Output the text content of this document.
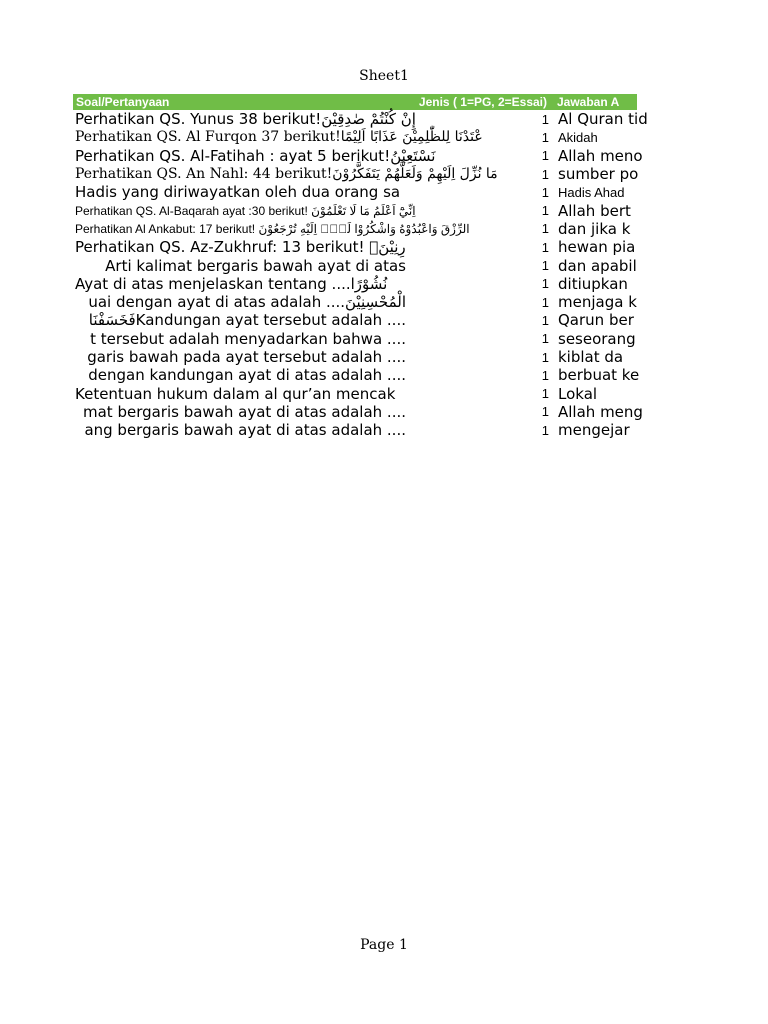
Sheet1
Soal/Pertanyaan	Jenis ( 1=PG, 2=Essai) Jawaban A
Perhatikan QS. Yunus 38 berikut!إِنْ كُنْتُمْ صٰدِقِيْنَ	1 Al Quran tid
Perhatikan QS. Al Furqon 37 berikut!عْتَدْنَا لِلظّٰلِمِيْنَ عَذَابًا اَلِيْمًا	1 Akidah
Perhatikan QS. Al-Fatihah : ayat 5 berikut!نَسْتَعِيْنُ	1 Allah meno
Perhatikan QS. An Nahl: 44 berikut!مَا نُزِّلَ اِلَيْهِمْ وَلَعَلَّهُمْ يَتَفَكَّرُوْنَ	1 sumber po
Hadis yang diriwayatkan oleh dua orang sa	1 Hadis Ahad
Perhatikan QS. Al-Baqarah ayat :30 berikut! اِنِّيْٓ اَعْلَمُ مَا لَا تَعْلَمُوْنَ	1 Allah bert
Perhatikan Al Ankabut: 17 berikut! الرِّزْقَ وَاعْبُدُوْهُ وَاشْكُرُوْا لَهٗۗ اِلَيْهِ تُرْجَعُوْنَ	1 dan jika k
Perhatikan QS. Az-Zukhruf: 13 berikut! رِنِيْنَۙ	1 hewan pia
Arti kalimat bergaris bawah ayat di atas	1 dan apabil
Ayat di atas menjelaskan tentang ....نُشُوْرًا	1 ditiupkan
uai dengan ayat di atas adalah ....الْمُحْسِنِيْنَ	1 menjaga k
فَخَسَفْنَاKandungan ayat tersebut adalah ....	1 Qarun ber
t tersebut adalah menyadarkan bahwa ....	1 seseorang
garis bawah pada ayat tersebut adalah ....	1 kiblat da
dengan kandungan ayat di atas adalah ....	1 berbuat ke
Ketentuan hukum dalam al qur’an mencak	1 Lokal
mat bergaris bawah ayat di atas adalah ....	1 Allah meng
ang bergaris bawah ayat di atas adalah ....	1 mengejar
Page 1
